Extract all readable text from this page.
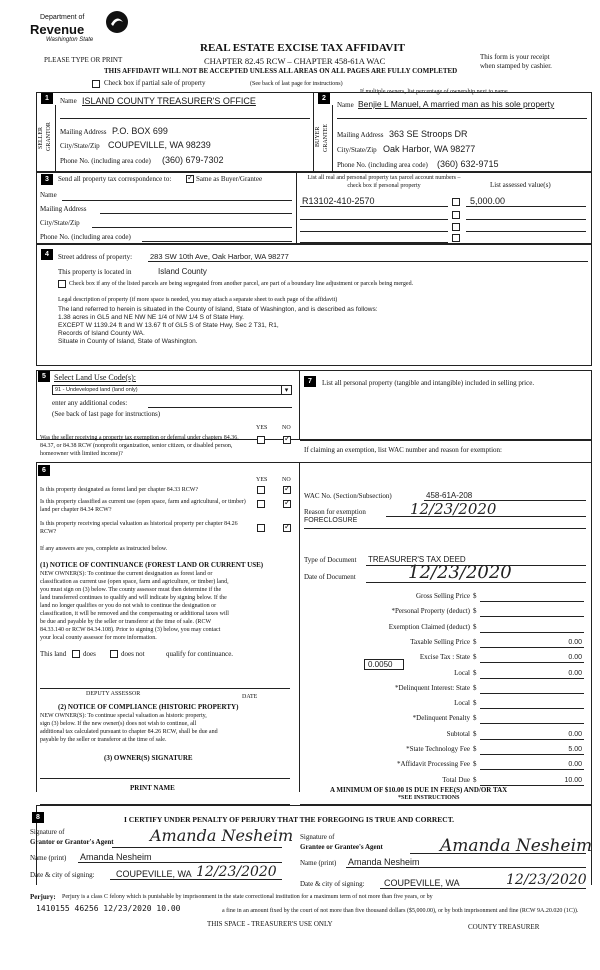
Department of
Revenue
Washington State
PLEASE TYPE OR PRINT
REAL ESTATE EXCISE TAX AFFIDAVIT
CHAPTER 82.45 RCW – CHAPTER 458-61A WAC
THIS AFFIDAVIT WILL NOT BE ACCEPTED UNLESS ALL AREAS ON ALL PAGES ARE FULLY COMPLETED
This form is your receipt
when stamped by cashier.
Check box if partial sale of property	(See back of last page for instructions)
If multiple owners, list percentage of ownership next to name.
1	2
SELLER GRANTOR	BUYER GRANTEE
Name ISLAND COUNTY TREASURER'S OFFICE
Mailing Address P.O. BOX 699
City/State/Zip COUPEVILLE, WA 98239
Phone No. (including area code) (360) 679-7302
Name Benjie L Manuel, A married man as his sole property
Mailing Address 363 SE Stroops DR
City/State/Zip Oak Harbor, WA 98277
Phone No. (including area code) (360) 632-9715
3	Send all property tax correspondence to:
✓	Same as Buyer/Grantee
Name
Mailing Address
City/State/Zip
Phone No. (including area code)
List all real and personal property tax parcel account numbers – check box if personal property	List assessed value(s)
R13102-410-2570	5,000.00
4	Street address of property: 283 SW 10th Ave, Oak Harbor, WA 98277
This property is located in	Island County
Check box if any of the listed parcels are being segregated from another parcel, are part of a boundary line adjustment or parcels being merged.
Legal description of property (if more space is needed, you may attach a separate sheet to each page of the affidavit)
The land referred to herein is situated in the County of Island, State of Washington, and is described as follows:
1.38 acres in GL5 and NE NW NE 1/4 of NW 1/4 S of State Hwy.
EXCEPT W 1139.24 ft and W 13.67 ft of GL5 S of State Hwy, Sec 2 T31, R1,
Records of Island County WA.
Situate in County of Island, State of Washington.
5	Select Land Use Code(s):
91 - Undeveloped land (land only)	▾
enter any additional codes:
(See back of last page for instructions)
YES NO
7	List all personal property (tangible and intangible) included in selling price.
Was the seller receiving a property tax exemption or deferral under chapters 84.36, 84.37, or 84.38 RCW (nonprofit organization, senior citizen, or disabled person, homeowner with limited income)?
✓
6
YES NO
Is this property designated as forest land per chapter 84.33 RCW?
✓
Is this property classified as current use (open space, farm and agricultural, or timber) land per chapter 84.34 RCW?
✓
Is this property receiving special valuation as historical property per chapter 84.26 RCW?
✓
If any answers are yes, complete as instructed below.
(1) NOTICE OF CONTINUANCE (FOREST LAND OR CURRENT USE)
NEW OWNER(S): To continue the current designation as forest land or
classification as current use (open space, farm and agriculture, or timber) land,
you must sign on (3) below. The county assessor must then determine if the
land transferred continues to qualify and will indicate by signing below. If the
land no longer qualifies or you do not wish to continue the designation or
classification, it will be removed and the compensating or additional taxes will
be due and payable by the seller or transferor at the time of sale. (RCW
84.33.140 or RCW 84.34.108). Prior to signing (3) below, you may contact
your local county assessor for more information.
This land does	does not	qualify for continuance.
DEPUTY ASSESSOR	DATE
(2) NOTICE OF COMPLIANCE (HISTORIC PROPERTY)
NEW OWNER(S): To continue special valuation as historic property,
sign (3) below. If the new owner(s) does not wish to continue, all
additional tax calculated pursuant to chapter 84.26 RCW, shall be due and
payable by the seller or transferor at the time of sale.
(3) OWNER(S) SIGNATURE
PRINT NAME
If claiming an exemption, list WAC number and reason for exemption:
WAC No. (Section/Subsection)	458-61A-208
Reason for exemption	12/23/2020
FORECLOSURE
Type of Document TREASURER'S TAX DEED
Date of Document	12/23/2020
Gross Selling Price $
*Personal Property (deduct) $
Exemption Claimed (deduct) $
Taxable Selling Price $	0.00
Excise Tax : State $	0.00
Local $	0.00
*Delinquent Interest: State $
Local $
*Delinquent Penalty $
Subtotal $	0.00
*State Technology Fee $	5.00
*Affidavit Processing Fee $	0.00
Total Due $	10.00
0.0050
A MINIMUM OF $10.00 IS DUE IN FEE(S) AND/OR TAX
*SEE INSTRUCTIONS
8	I CERTIFY UNDER PENALTY OF PERJURY THAT THE FOREGOING IS TRUE AND CORRECT.
Signature of
Grantor or Grantor's Agent Amanda Nesheim
Name (print) Amanda Nesheim
Date & city of signing: COUPEVILLE, WA 12/23/2020
Signature of
Grantee or Grantee's Agent	Amanda Nesheim
Name (print) Amanda Nesheim
Date & city of signing: COUPEVILLE, WA	12/23/2020
Perjury: Perjury is a class C felony which is punishable by imprisonment in the state correctional institution for a maximum term of not more than five years, or by
a fine in an amount fixed by the court of not more than five thousand dollars ($5,000.00), or by both imprisonment and fine (RCW 9A.20.020 (1C)).
1410155 46256 12/23/2020 10.00
THIS SPACE - TREASURER'S USE ONLY	COUNTY TREASURER
